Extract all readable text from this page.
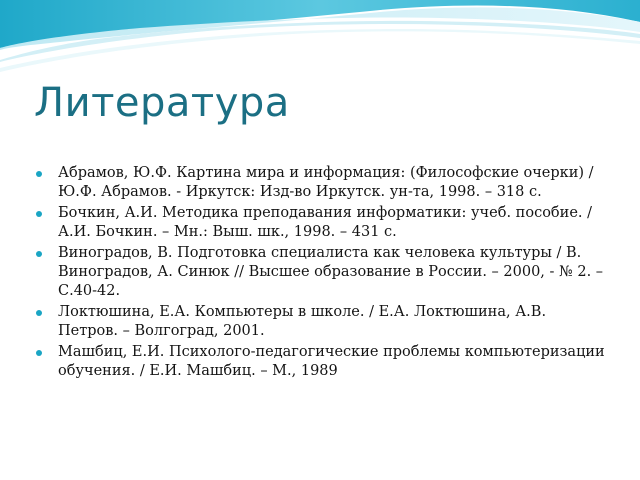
Литература
Абрамов, Ю.Ф. Картина мира и информация: (Философские очерки) / Ю.Ф. Абрамов. - Иркутск: Изд-во Иркутск. ун-та, 1998. – 318 с.
Бочкин, А.И. Методика преподавания информатики: учеб. пособие. / А.И. Бочкин. – Мн.: Выш. шк., 1998. – 431 с.
Виноградов, В. Подготовка специалиста как человека культуры / В. Виноградов, А. Синюк // Высшее образование в России. – 2000, - № 2. – С.40-42.
Локтюшина, Е.А. Компьютеры в школе. / Е.А. Локтюшина, А.В. Петров. – Волгоград, 2001.
Машбиц, Е.И. Психолого-педагогические проблемы компьютеризации обучения. / Е.И. Машбиц. – М., 1989
